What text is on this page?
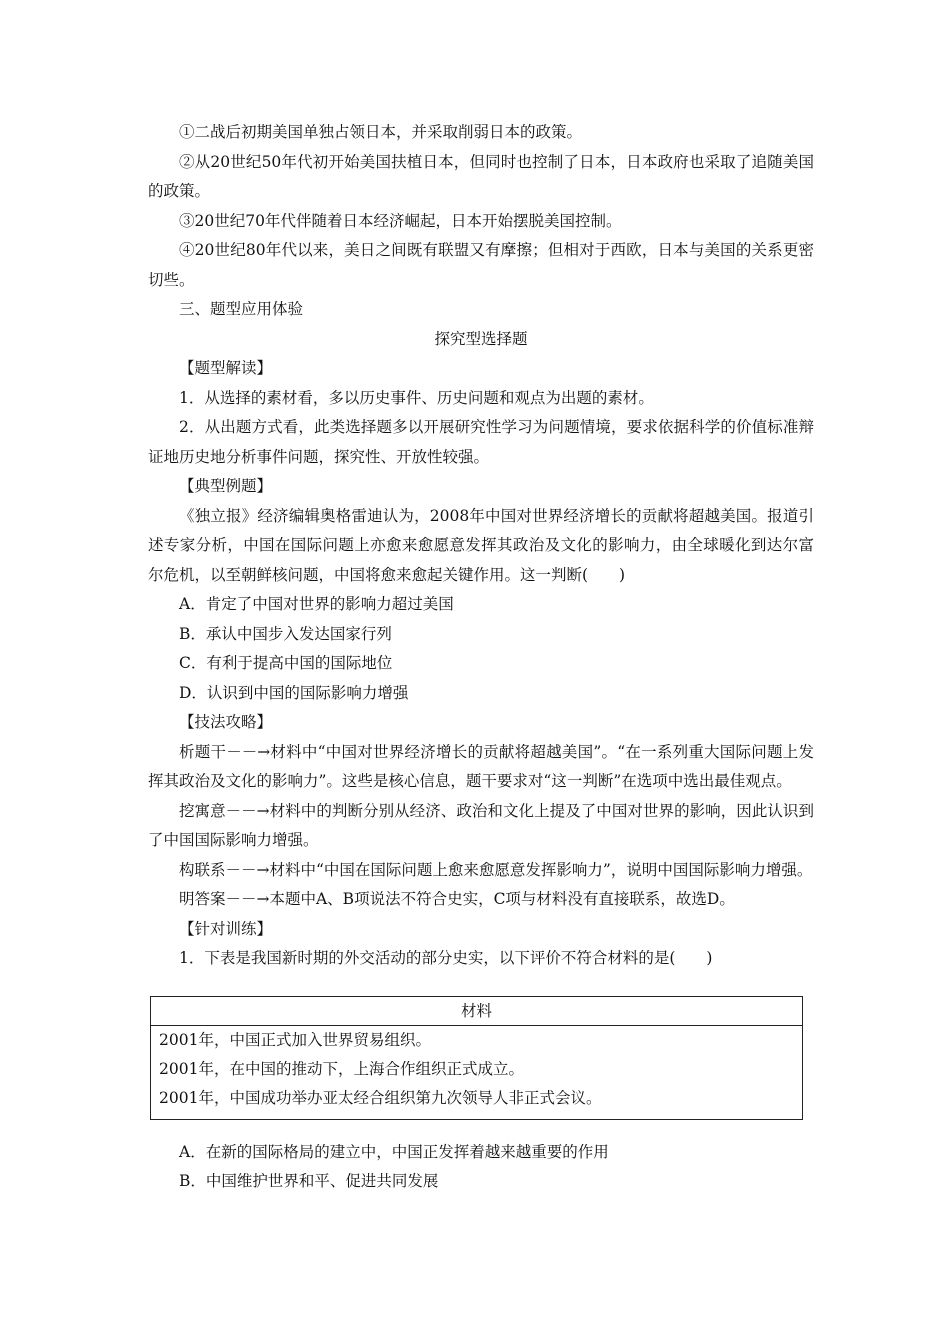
①二战后初期美国单独占领日本，并采取削弱日本的政策。

②从20世纪50年代初开始美国扶植日本，但同时也控制了日本，日本政府也采取了追随美国的政策。

③20世纪70年代伴随着日本经济崛起，日本开始摆脱美国控制。

④20世纪80年代以来，美日之间既有联盟又有摩擦；但相对于西欧，日本与美国的关系更密切些。

三、题型应用体验

探究型选择题

【题型解读】

1．从选择的素材看，多以历史事件、历史问题和观点为出题的素材。

2．从出题方式看，此类选择题多以开展研究性学习为问题情境，要求依据科学的价值标准辩证地历史地分析事件问题，探究性、开放性较强。

【典型例题】

《独立报》经济编辑奥格雷迪认为，2008年中国对世界经济增长的贡献将超越美国。报道引述专家分析，中国在国际问题上亦愈来愈愿意发挥其政治及文化的影响力，由全球暖化到达尔富尔危机，以至朝鲜核问题，中国将愈来愈起关键作用。这一判断(　　)

A．肯定了中国对世界的影响力超过美国

B．承认中国步入发达国家行列

C．有利于提高中国的国际地位

D．认识到中国的国际影响力增强

【技法攻略】

析题干－－→材料中“中国对世界经济增长的贡献将超越美国”。“在一系列重大国际问题上发挥其政治及文化的影响力”。这些是核心信息，题干要求对“这一判断”在选项中选出最佳观点。

挖寓意－－→材料中的判断分别从经济、政治和文化上提及了中国对世界的影响，因此认识到了中国国际影响力增强。

构联系－－→材料中“中国在国际问题上愈来愈愿意发挥影响力”，说明中国国际影响力增强。

明答案－－→本题中A、B项说法不符合史实，C项与材料没有直接联系，故选D。

【针对训练】

1．下表是我国新时期的外交活动的部分史实，以下评价不符合材料的是(　　)

材料
2001年，中国正式加入世界贸易组织。
2001年，在中国的推动下，上海合作组织正式成立。
2001年，中国成功举办亚太经合组织第九次领导人非正式会议。

A．在新的国际格局的建立中，中国正发挥着越来越重要的作用

B．中国维护世界和平、促进共同发展
